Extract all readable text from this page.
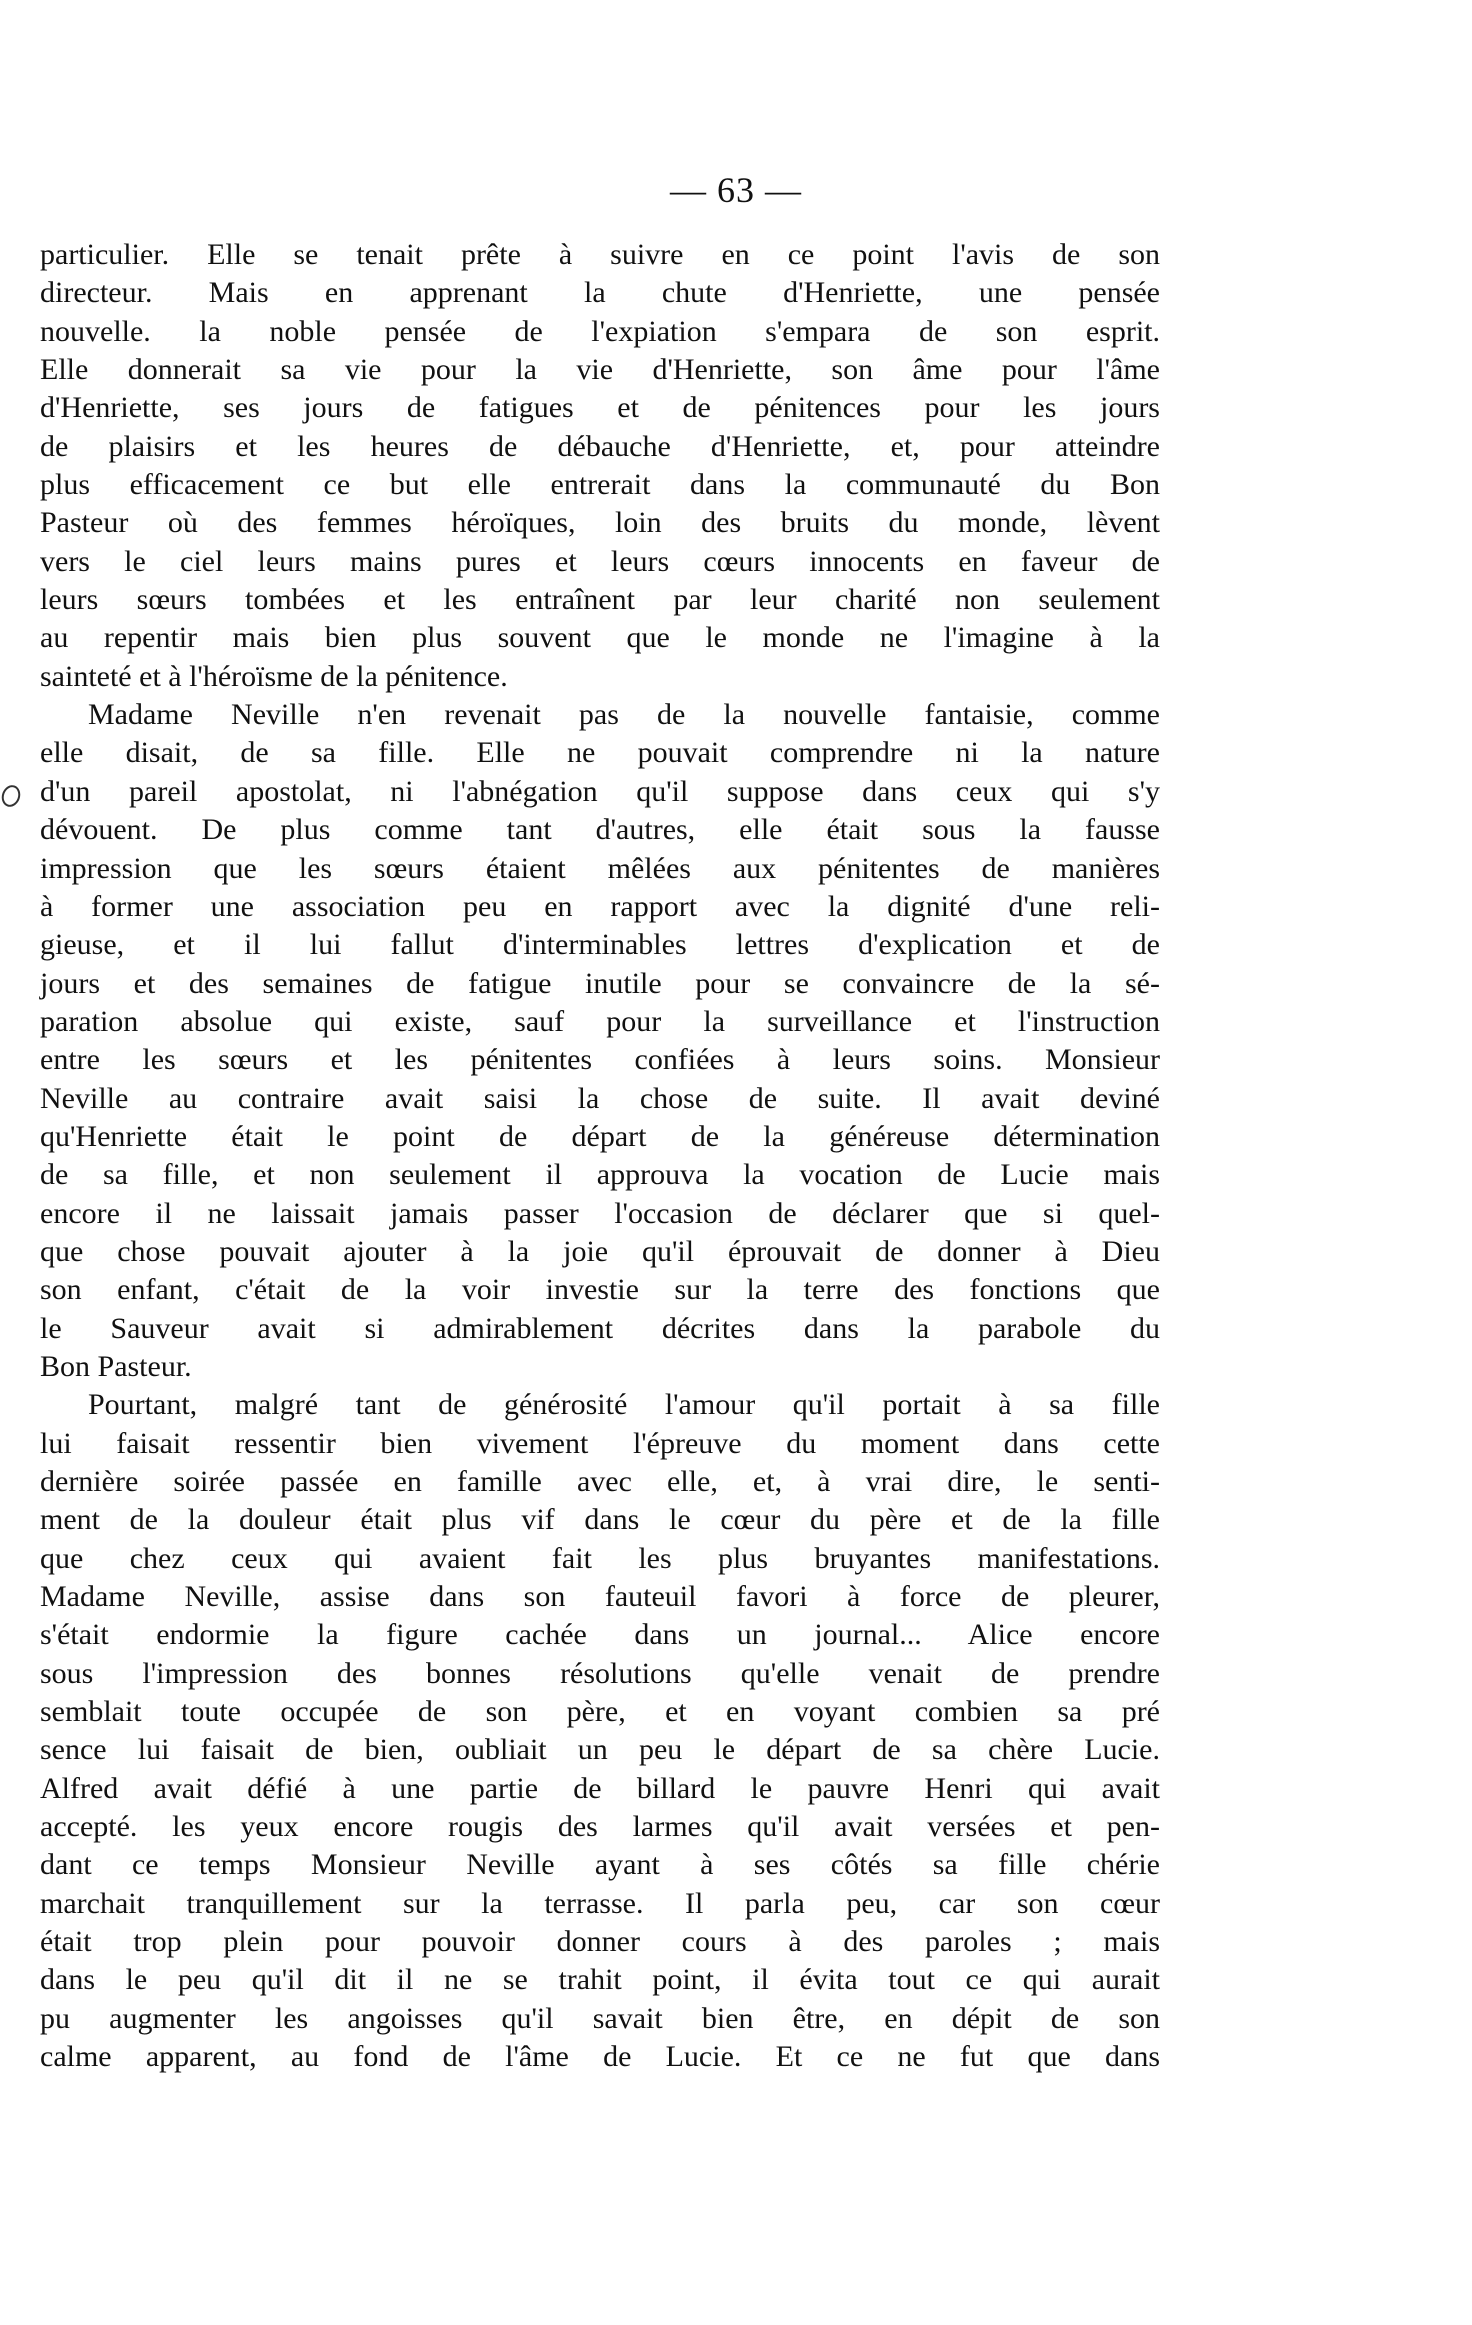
— 63 —
particulier. Elle se tenait prête à suivre en ce point l'avis de son
directeur. Mais en apprenant la chute d'Henriette, une pensée
nouvelle. la noble pensée de l'expiation s'empara de son esprit.
Elle donnerait sa vie pour la vie d'Henriette, son âme pour l'âme
d'Henriette, ses jours de fatigues et de pénitences pour les jours
de plaisirs et les heures de débauche d'Henriette, et, pour atteindre
plus efficacement ce but elle entrerait dans la communauté du Bon
Pasteur où des femmes héroïques, loin des bruits du monde, lèvent
vers le ciel leurs mains pures et leurs cœurs innocents en faveur de
leurs sœurs tombées et les entraînent par leur charité non seulement
au repentir mais bien plus souvent que le monde ne l'imagine à la
sainteté et à l'héroïsme de la pénitence.
Madame Neville n'en revenait pas de la nouvelle fantaisie, comme
elle disait, de sa fille. Elle ne pouvait comprendre ni la nature
d'un pareil apostolat, ni l'abnégation qu'il suppose dans ceux qui s'y
dévouent. De plus comme tant d'autres, elle était sous la fausse
impression que les sœurs étaient mêlées aux pénitentes de manières
à former une association peu en rapport avec la dignité d'une reli-
gieuse, et il lui fallut d'interminables lettres d'explication et de
jours et des semaines de fatigue inutile pour se convaincre de la sé-
paration absolue qui existe, sauf pour la surveillance et l'instruction
entre les sœurs et les pénitentes confiées à leurs soins. Monsieur
Neville au contraire avait saisi la chose de suite. Il avait deviné
qu'Henriette était le point de départ de la généreuse détermination
de sa fille, et non seulement il approuva la vocation de Lucie mais
encore il ne laissait jamais passer l'occasion de déclarer que si quel-
que chose pouvait ajouter à la joie qu'il éprouvait de donner à Dieu
son enfant, c'était de la voir investie sur la terre des fonctions que
le Sauveur avait si admirablement décrites dans la parabole du
Bon Pasteur.
Pourtant, malgré tant de générosité l'amour qu'il portait à sa fille
lui faisait ressentir bien vivement l'épreuve du moment dans cette
dernière soirée passée en famille avec elle, et, à vrai dire, le senti-
ment de la douleur était plus vif dans le cœur du père et de la fille
que chez ceux qui avaient fait les plus bruyantes manifestations.
Madame Neville, assise dans son fauteuil favori à force de pleurer,
s'était endormie la figure cachée dans un journal... Alice encore
sous l'impression des bonnes résolutions qu'elle venait de prendre
semblait toute occupée de son père, et en voyant combien sa pré
sence lui faisait de bien, oubliait un peu le départ de sa chère Lucie.
Alfred avait défié à une partie de billard le pauvre Henri qui avait
accepté. les yeux encore rougis des larmes qu'il avait versées et pen-
dant ce temps Monsieur Neville ayant à ses côtés sa fille chérie
marchait tranquillement sur la terrasse. Il parla peu, car son cœur
était trop plein pour pouvoir donner cours à des paroles ; mais
dans le peu qu'il dit il ne se trahit point, il évita tout ce qui aurait
pu augmenter les angoisses qu'il savait bien être, en dépit de son
calme apparent, au fond de l'âme de Lucie. Et ce ne fut que dans
